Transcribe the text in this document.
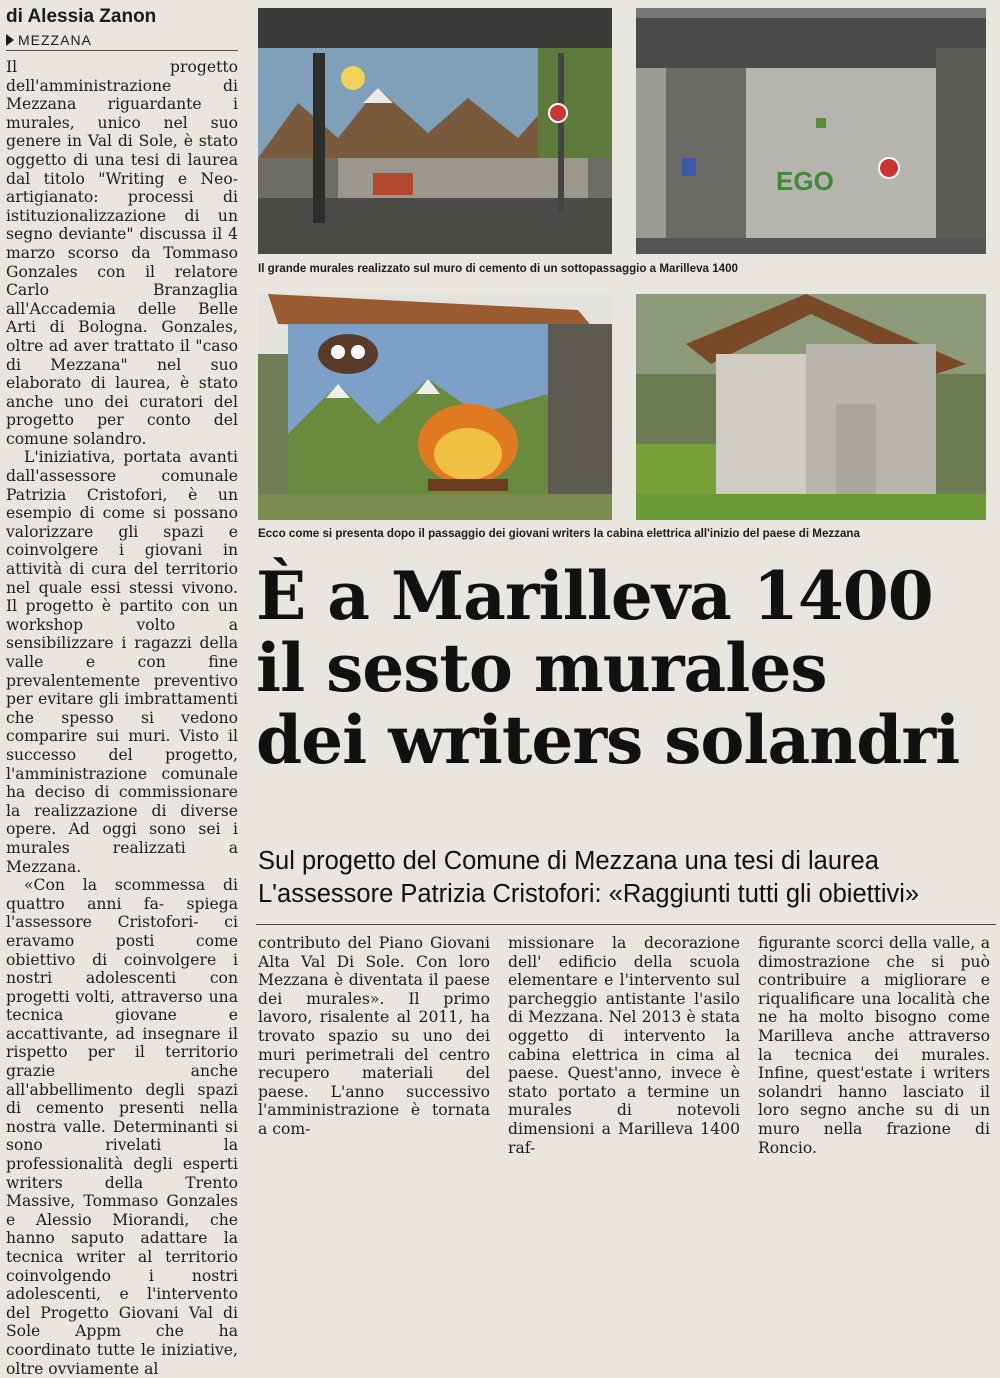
di Alessia Zanon
MEZZANA

Il progetto dell'amministrazione di Mezzana riguardante i murales, unico nel suo genere in Val di Sole, è stato oggetto di una tesi di laurea dal titolo "Writing e Neo-artigianato: processi di istituzionalizzazione di un segno deviante" discussa il 4 marzo scorso da Tommaso Gonzales con il relatore Carlo Branzaglia all'Accademia delle Belle Arti di Bologna. Gonzales, oltre ad aver trattato il "caso di Mezzana" nel suo elaborato di laurea, è stato anche uno dei curatori del progetto per conto del comune solandro.

L'iniziativa, portata avanti dall'assessore comunale Patrizia Cristofori, è un esempio di come si possano valorizzare gli spazi e coinvolgere i giovani in attività di cura del territorio nel quale essi stessi vivono. Il progetto è partito con un workshop volto a sensibilizzare i ragazzi della valle e con fine prevalentemente preventivo per evitare gli imbrattamenti che spesso si vedono comparire sui muri. Visto il successo del progetto, l'amministrazione comunale ha deciso di commissionare la realizzazione di diverse opere. Ad oggi sono sei i murales realizzati a Mezzana.

«Con la scommessa di quattro anni fa- spiega l'assessore Cristofori- ci eravamo posti come obiettivo di coinvolgere i nostri adolescenti con progetti volti, attraverso una tecnica giovane e accattivante, ad insegnare il rispetto per il territorio grazie anche all'abbellimento degli spazi di cemento presenti nella nostra valle. Determinanti si sono rivelati la professionalità degli esperti writers della Trento Massive, Tommaso Gonzales e Alessio Miorandi, che hanno saputo adattare la tecnica writer al territorio coinvolgendo i nostri adolescenti, e l'intervento del Progetto Giovani Val di Sole Appm che ha coordinato tutte le iniziative, oltre ovviamente al

EGO
Il grande murales realizzato sul muro di cemento di un sottopassaggio a Marilleva 1400
Ecco come si presenta dopo il passaggio dei giovani writers la cabina elettrica all'inizio del paese di Mezzana
È a Marilleva 1400
il sesto murales
dei writers solandri
Sul progetto del Comune di Mezzana una tesi di laurea
L'assessore Patrizia Cristofori: «Raggiunti tutti gli obiettivi»
contributo del Piano Giovani Alta Val Di Sole. Con loro Mezzana è diventata il paese dei murales». Il primo lavoro, risalente al 2011, ha trovato spazio su uno dei muri perimetrali del centro recupero materiali del paese. L'anno successivo l'amministrazione è tornata a com-
missionare la decorazione dell' edificio della scuola elementare e l'intervento sul parcheggio antistante l'asilo di Mezzana. Nel 2013 è stata oggetto di intervento la cabina elettrica in cima al paese. Quest'anno, invece è stato portato a termine un murales di notevoli dimensioni a Marilleva 1400 raf-
figurante scorci della valle, a dimostrazione che si può contribuire a migliorare e riqualificare una località che ne ha molto bisogno come Marilleva anche attraverso la tecnica dei murales. Infine, quest'estate i writers solandri hanno lasciato il loro segno anche su di un muro nella frazione di Roncio.
